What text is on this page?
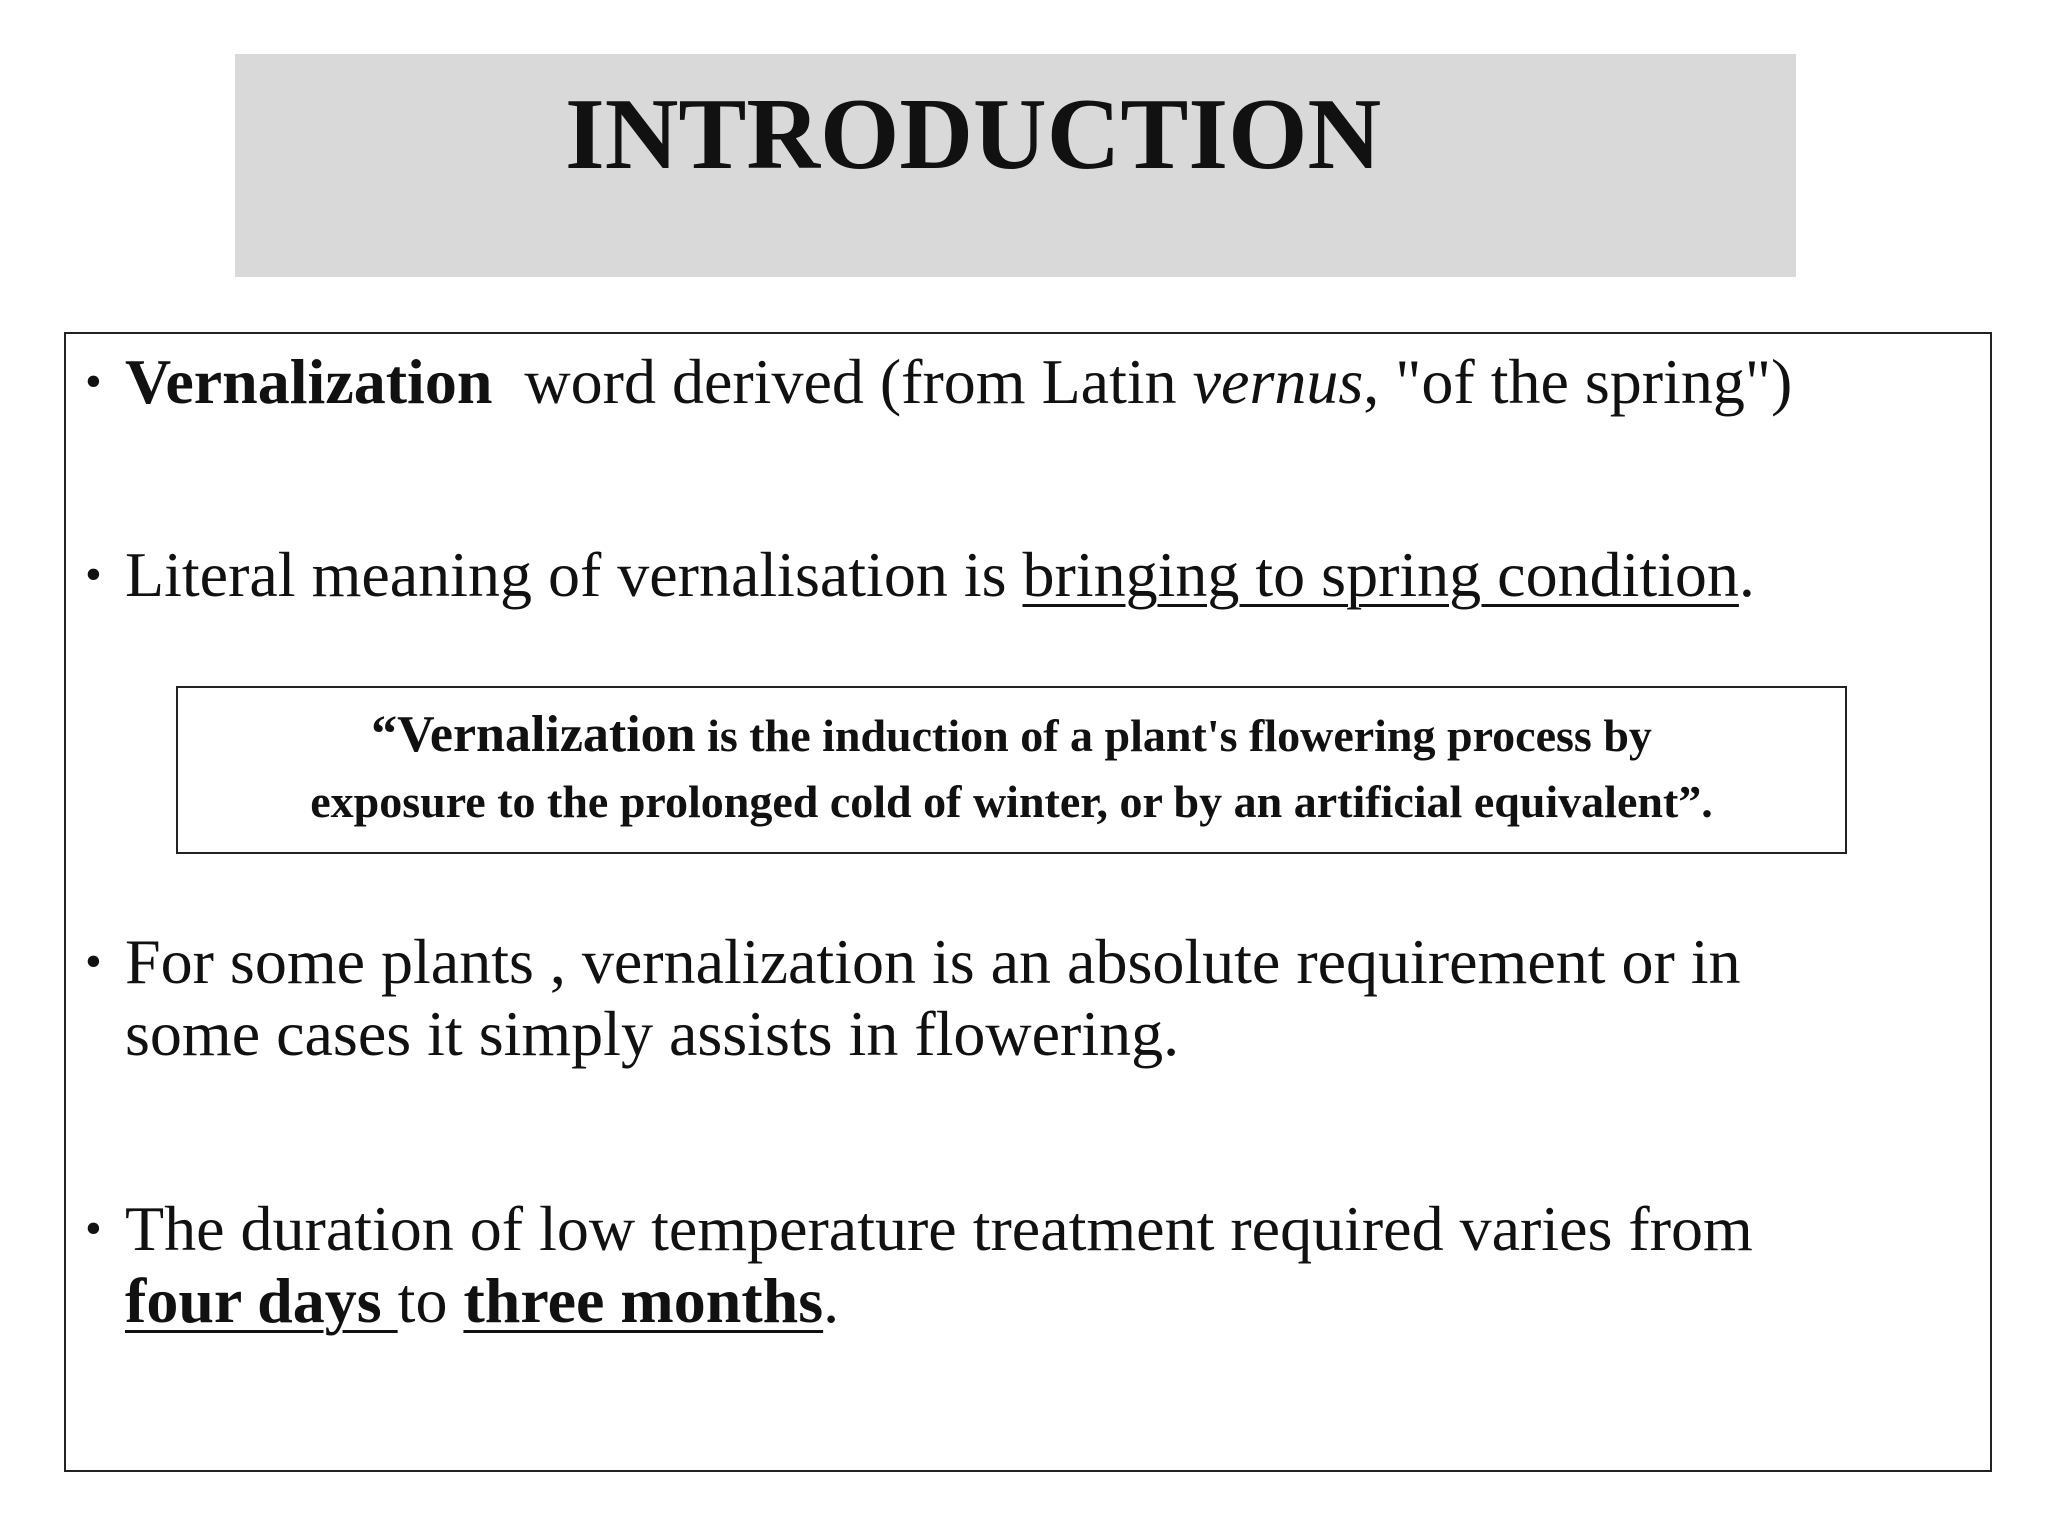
INTRODUCTION
• Vernalization  word derived (from Latin vernus, "of the spring")
• Literal meaning of vernalisation is bringing to spring condition.
“Vernalization is the induction of a plant's flowering process by
exposure to the prolonged cold of winter, or by an artificial equivalent”.
• For some plants , vernalization is an absolute requirement or in
some cases it simply assists in flowering.
• The duration of low temperature treatment required varies from
four days to three months.
